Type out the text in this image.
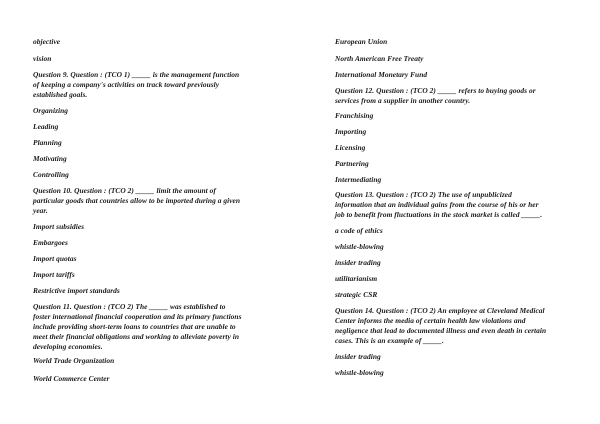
objective
vision
Question 9. Question : (TCO 1) _____ is the management function
of keeping a company's activities on track toward previously
established goals.
Organizing
Leading
Planning
Motivating
Controlling
Question 10. Question : (TCO 2) _____ limit the amount of
particular goods that countries allow to be imported during a given
year.
Import subsidies
Embargoes
Import quotas
Import tariffs
Restrictive import standards
Question 11. Question : (TCO 2) The _____ was established to
foster international financial cooperation and its primary functions
include providing short-term loans to countries that are unable to
meet their financial obligations and working to alleviate poverty in
developing economies.
World Trade Organization
World Commerce Center
European Union
North American Free Treaty
International Monetary Fund
Question 12. Question : (TCO 2) _____ refers to buying goods or
services from a supplier in another country.
Franchising
Importing
Licensing
Partnering
Intermediating
Question 13. Question : (TCO 2) The use of unpublicized
information that an individual gains from the course of his or her
job to benefit from fluctuations in the stock market is called _____.
a code of ethics
whistle-blowing
insider trading
utilitarianism
strategic CSR
Question 14. Question : (TCO 2) An employee at Cleveland Medical
Center informs the media of certain health law violations and
negligence that lead to documented illness and even death in certain
cases. This is an example of _____.
insider trading
whistle-blowing
